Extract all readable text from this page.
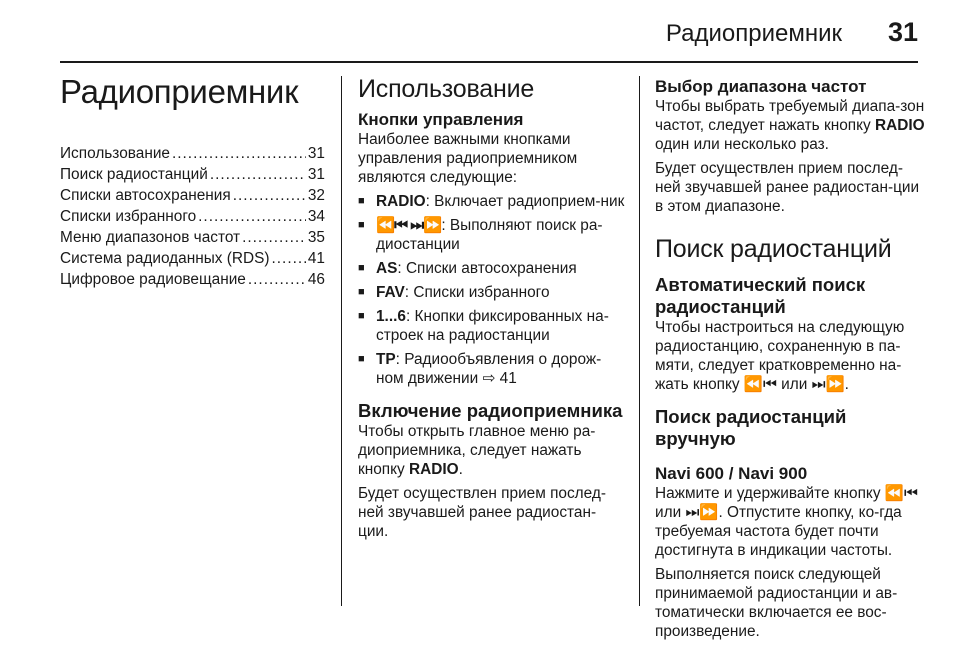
Радиоприемник 31
Радиоприемник
Использование .....	31
Поиск радиостанций .....	31
Списки автосохранения .....	32
Списки избранного .....	34
Меню диапазонов частот .....	35
Система радиоданных (RDS) ..... 41
Цифровое радиовещание .....	46
Использование
Кнопки управления
Наиболее важными кнопками управления радиоприемником являются следующие:
■ RADIO: Включает радиоприем-ник
■ ⏪⏮ ⏭⏩: Выполняют поиск ра-диостанции
■ AS: Списки автосохранения
■ FAV: Списки избранного
■ 1...6: Кнопки фиксированных на-строек на радиостанции
■ TP: Радиообъявления о дорож-ном движении ⇨ 41
Включение радиоприемника
Чтобы открыть главное меню ра-диоприемника, следует нажать кнопку RADIO.
Будет осуществлен прием послед-ней звучавшей ранее радиостан-ции.
Выбор диапазона частот
Чтобы выбрать требуемый диапа-зон частот, следует нажать кнопку RADIO один или несколько раз.
Будет осуществлен прием послед-ней звучавшей ранее радиостан-ции в этом диапазоне.
Поиск радиостанций
Автоматический поиск радиостанций
Чтобы настроиться на следующую радиостанцию, сохраненную в па-мяти, следует кратковременно на-жать кнопку ⏪⏮ или ⏭⏩.
Поиск радиостанций вручную
Navi 600 / Navi 900
Нажмите и удерживайте кнопку ⏪⏮ или ⏭⏩. Отпустите кнопку, ко-гда требуемая частота будет почти достигнута в индикации частоты.
Выполняется поиск следующей принимаемой радиостанции и ав-томатически включается ее вос-произведение.
